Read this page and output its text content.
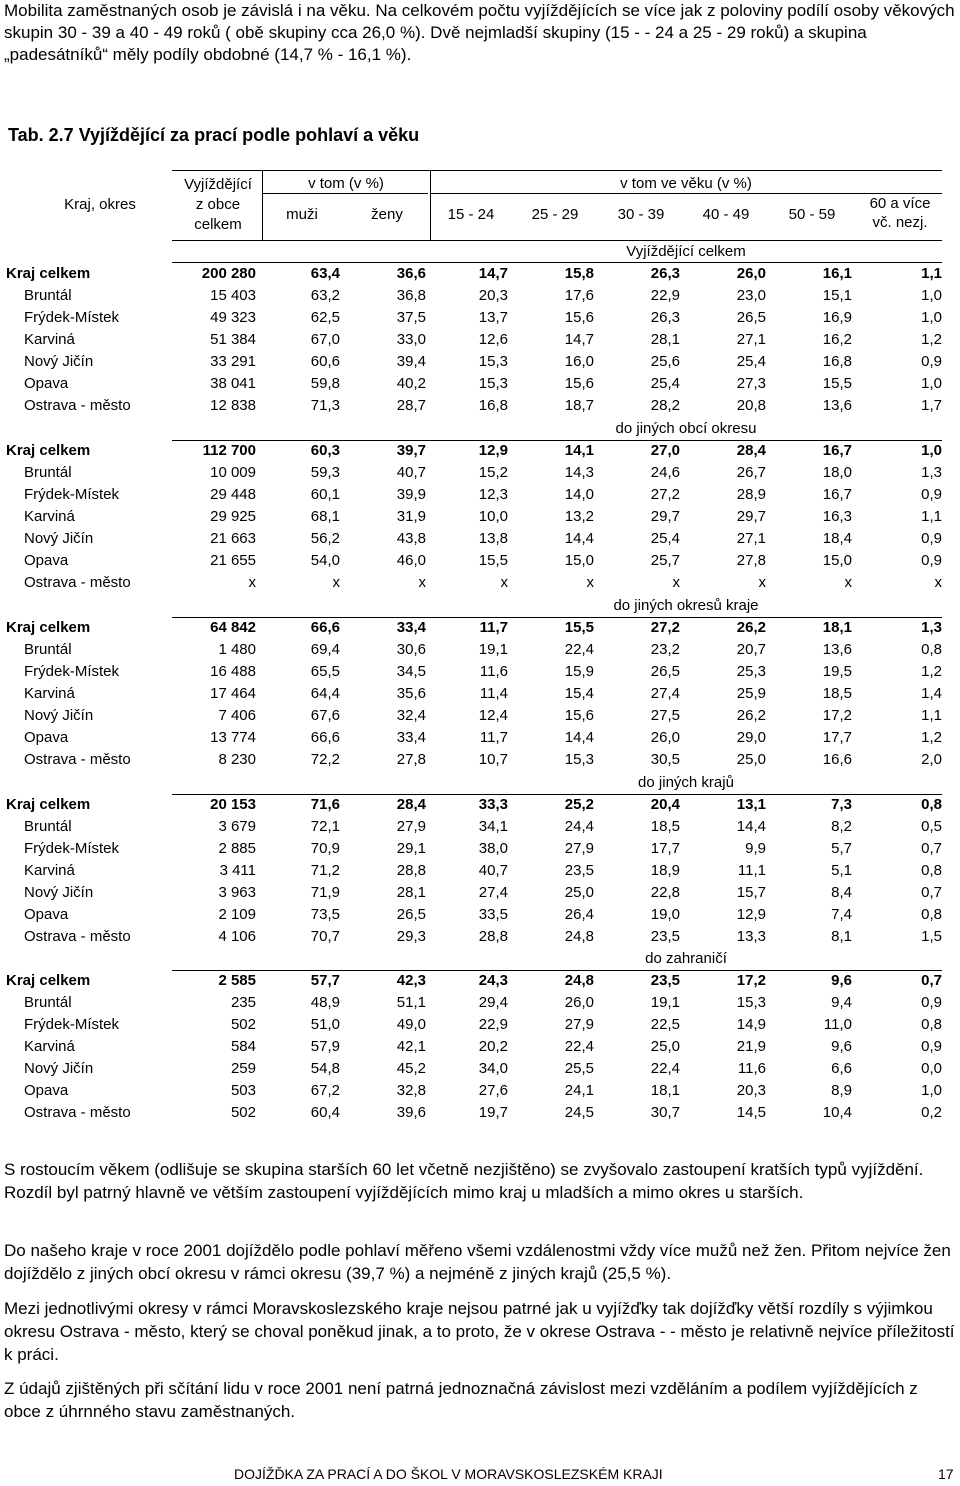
Mobilita zaměstnaných osob je závislá i na věku. Na celkovém počtu vyjíždějících se více jak z poloviny podílí osoby věkových skupin 30 - 39 a 40 - 49 roků ( obě skupiny cca 26,0 %). Dvě nejmladší skupiny (15 - - 24 a 25 - 29 roků) a skupina „padesátníků“ měly podíly obdobné (14,7 % - 16,1 %).

Tab. 2.7 Vyjíždějící za prací podle pohlaví a věku
Kraj, okres
Vyjíždějící
z obce
celkem
v tom (v %)	v tom ve věku (v %)
muži	ženy	15 - 24	25 - 29	30 - 39	40 - 49	50 - 59
60 a více
vč. nezj.
Vyjíždějící celkem
do jiných obcí okresu
do jiných okresů kraje
do jiných krajů
do zahraničí
Kraj celkem	200 280	63,4	36,6	14,7	15,8	26,3	26,0	16,1	1,1
Bruntál	15 403	63,2	36,8	20,3	17,6	22,9	23,0	15,1	1,0
Frýdek-Místek	49 323	62,5	37,5	13,7	15,6	26,3	26,5	16,9	1,0
Karviná	51 384	67,0	33,0	12,6	14,7	28,1	27,1	16,2	1,2
Nový Jičín	33 291	60,6	39,4	15,3	16,0	25,6	25,4	16,8	0,9
Opava	38 041	59,8	40,2	15,3	15,6	25,4	27,3	15,5	1,0
Ostrava - město	12 838	71,3	28,7	16,8	18,7	28,2	20,8	13,6	1,7
Kraj celkem	112 700	60,3	39,7	12,9	14,1	27,0	28,4	16,7	1,0
Bruntál	10 009	59,3	40,7	15,2	14,3	24,6	26,7	18,0	1,3
Frýdek-Místek	29 448	60,1	39,9	12,3	14,0	27,2	28,9	16,7	0,9
Karviná	29 925	68,1	31,9	10,0	13,2	29,7	29,7	16,3	1,1
Nový Jičín	21 663	56,2	43,8	13,8	14,4	25,4	27,1	18,4	0,9
Opava	21 655	54,0	46,0	15,5	15,0	25,7	27,8	15,0	0,9
Ostrava - město	x	x	x	x	x	x	x	x	x
Kraj celkem	64 842	66,6	33,4	11,7	15,5	27,2	26,2	18,1	1,3
Bruntál	1 480	69,4	30,6	19,1	22,4	23,2	20,7	13,6	0,8
Frýdek-Místek	16 488	65,5	34,5	11,6	15,9	26,5	25,3	19,5	1,2
Karviná	17 464	64,4	35,6	11,4	15,4	27,4	25,9	18,5	1,4
Nový Jičín	7 406	67,6	32,4	12,4	15,6	27,5	26,2	17,2	1,1
Opava	13 774	66,6	33,4	11,7	14,4	26,0	29,0	17,7	1,2
Ostrava - město	8 230	72,2	27,8	10,7	15,3	30,5	25,0	16,6	2,0
Kraj celkem	20 153	71,6	28,4	33,3	25,2	20,4	13,1	7,3	0,8
Bruntál	3 679	72,1	27,9	34,1	24,4	18,5	14,4	8,2	0,5
Frýdek-Místek	2 885	70,9	29,1	38,0	27,9	17,7	9,9	5,7	0,7
Karviná	3 411	71,2	28,8	40,7	23,5	18,9	11,1	5,1	0,8
Nový Jičín	3 963	71,9	28,1	27,4	25,0	22,8	15,7	8,4	0,7
Opava	2 109	73,5	26,5	33,5	26,4	19,0	12,9	7,4	0,8
Ostrava - město	4 106	70,7	29,3	28,8	24,8	23,5	13,3	8,1	1,5
Kraj celkem	2 585	57,7	42,3	24,3	24,8	23,5	17,2	9,6	0,7
Bruntál	235	48,9	51,1	29,4	26,0	19,1	15,3	9,4	0,9
Frýdek-Místek	502	51,0	49,0	22,9	27,9	22,5	14,9	11,0	0,8
Karviná	584	57,9	42,1	20,2	22,4	25,0	21,9	9,6	0,9
Nový Jičín	259	54,8	45,2	34,0	25,5	22,4	11,6	6,6	0,0
Opava	503	67,2	32,8	27,6	24,1	18,1	20,3	8,9	1,0
Ostrava - město	502	60,4	39,6	19,7	24,5	30,7	14,5	10,4	0,2

S rostoucím věkem (odlišuje se skupina starších 60 let včetně nezjištěno) se zvyšovalo zastoupení kratších typů vyjíždění. Rozdíl byl patrný hlavně ve větším zastoupení vyjíždějících mimo kraj u mladších a mimo okres u starších.

Do našeho kraje v roce 2001 dojíždělo podle pohlaví měřeno všemi vzdálenostmi vždy více mužů než žen. Přitom nejvíce žen dojíždělo z jiných obcí okresu v rámci okresu (39,7 %) a nejméně z jiných krajů (25,5 %).

Mezi jednotlivými okresy v rámci Moravskoslezského kraje nejsou patrné jak u vyjížďky tak dojížďky větší rozdíly s výjimkou okresu Ostrava - město, který se choval poněkud jinak, a to proto, že v okrese Ostrava - - město je relativně nejvíce příležitostí k práci.

Z údajů zjištěných při sčítání lidu v roce 2001 není patrná jednoznačná závislost mezi vzděláním a podílem vyjíždějících z obce z úhrnného stavu zaměstnaných.

DOJÍŽĎKA ZA PRACÍ A DO ŠKOL V MORAVSKOSLEZSKÉM KRAJI	17
